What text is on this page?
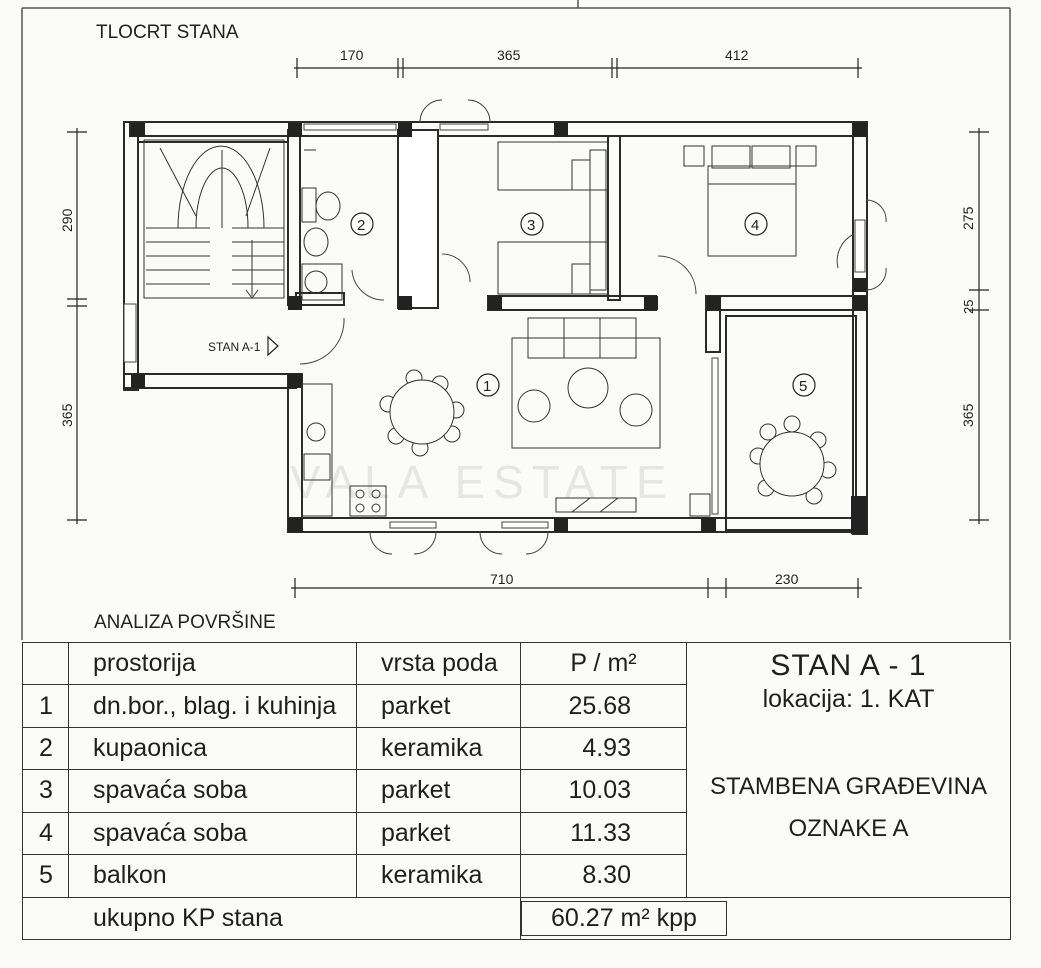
TLOCRT STANA
VALA ESTATE
170	365	412
710	230
290
365
275
25
365
2	3	4
1	5
STAN A-1
ANALIZA POVRŠINE
	prostorija	vrsta poda	P / m²	STAN A - 1
lokacija: 1. KAT
STAMBENA GRAĐEVINA
OZNAKE A

1	dn.bor., blag. i kuhinja	parket	25.68	
2	kupaonica	keramika	4.93	
3	spavaća soba	parket	10.03	
4	spavaća soba	parket	11.33	
5	balkon	keramika	8.30	
ukupno KP stana			60.27 m² kpp	
